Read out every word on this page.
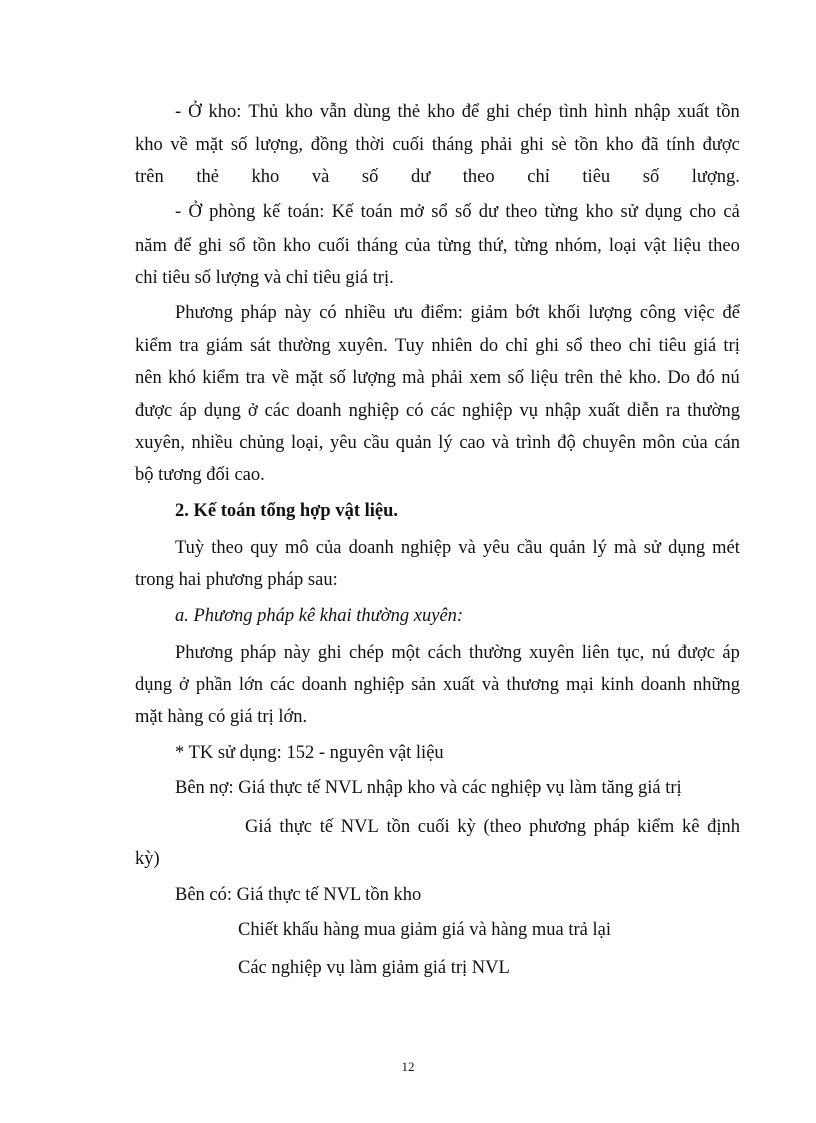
- Ở kho: Thủ kho vẫn dùng thẻ kho để ghi chép tình hình nhập xuất tồn
kho về mặt số lượng, đồng thời cuối tháng phải ghi sè tồn kho đã tính được
trên thẻ kho và số dư theo chỉ tiêu số lượng.
- Ở phòng kế toán: Kế toán mở sổ số dư theo từng kho sử dụng cho cả
năm để ghi sổ tồn kho cuối tháng của từng thứ, từng nhóm, loại vật liệu theo
chỉ tiêu số lượng và chỉ tiêu giá trị.
Phương pháp này có nhiều ưu điểm: giảm bớt khối lượng công việc để
kiểm tra giám sát thường xuyên. Tuy nhiên do chỉ ghi sổ theo chỉ tiêu giá trị
nên khó kiểm tra về mặt số lượng mà phải xem số liệu trên thẻ kho. Do đó nú
được áp dụng ở các doanh nghiệp có các nghiệp vụ nhập xuất diễn ra thường
xuyên, nhiều chủng loại, yêu cầu quản lý cao và trình độ chuyên môn của cán
bộ tương đối cao.
2. Kế toán tổng hợp vật liệu.
Tuỳ theo quy mô của doanh nghiệp và yêu cầu quản lý mà sử dụng mét
trong hai phương pháp sau:
a. Phương pháp kê khai thường xuyên:
Phương pháp này ghi chép một cách thường xuyên liên tục, nú được áp
dụng ở phần lớn các doanh nghiệp sản xuất và thương mại kinh doanh những
mặt hàng có giá trị lớn.
* TK sử dụng: 152 - nguyên vật liệu
Bên nợ: Giá thực tế NVL nhập kho và các nghiệp vụ làm tăng giá trị
Giá thực tế NVL tồn cuối kỳ (theo phương pháp kiểm kê định
kỳ)
Bên có: Giá thực tế NVL tồn kho
Chiết khấu hàng mua giảm giá và hàng mua trả lại
Các nghiệp vụ làm giảm giá trị NVL
12
